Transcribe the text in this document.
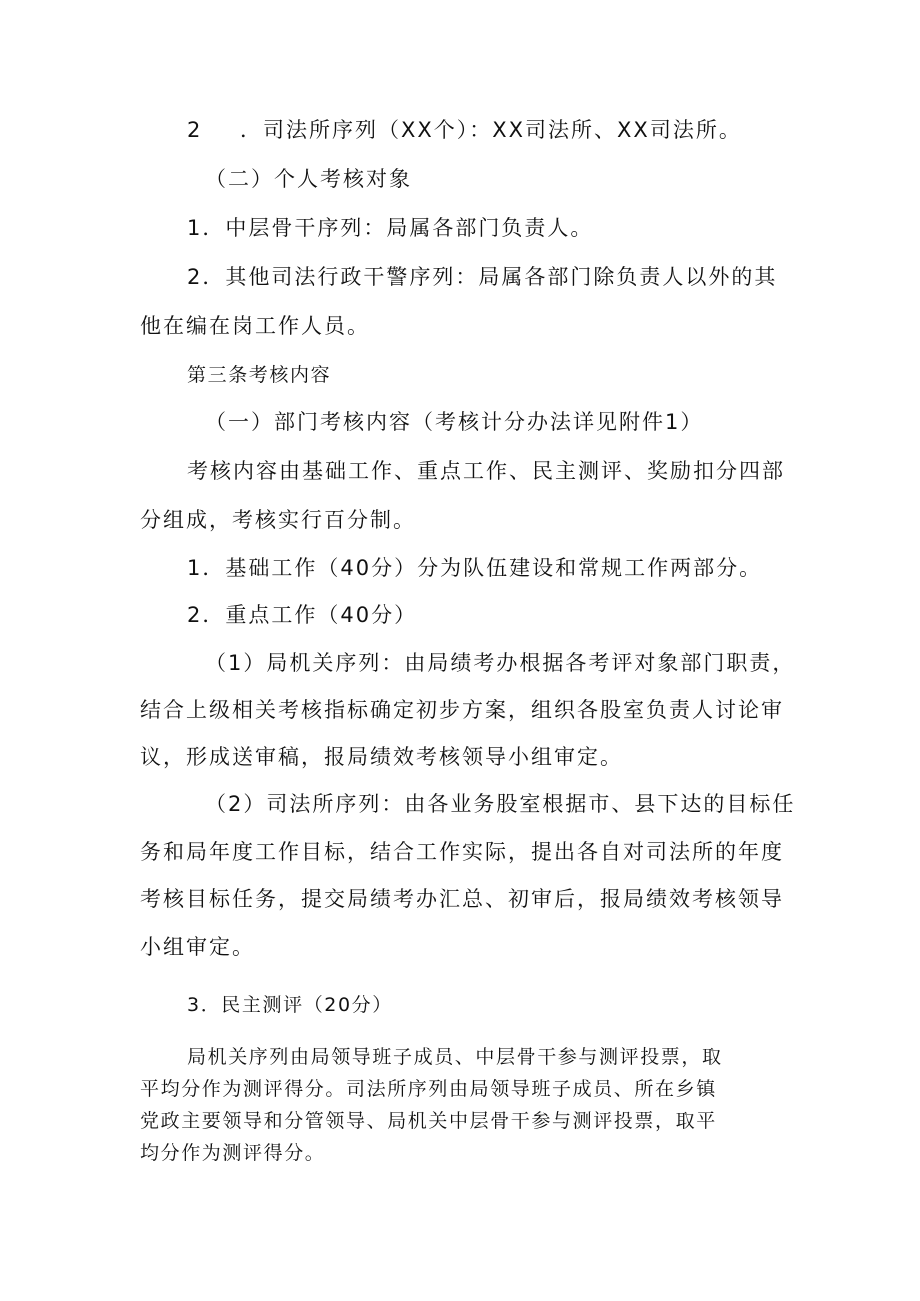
2 ．司法所序列（XX个）：XX司法所、XX司法所。
（二）个人考核对象
1．中层骨干序列：局属各部门负责人。
2．其他司法行政干警序列：局属各部门除负责人以外的其
他在编在岗工作人员。
第三条考核内容
（一）部门考核内容（考核计分办法详见附件1）
考核内容由基础工作、重点工作、民主测评、奖励扣分四部
分组成，考核实行百分制。
1．基础工作（40分）分为队伍建设和常规工作两部分。
2．重点工作（40分）
（1）局机关序列：由局绩考办根据各考评对象部门职责，
结合上级相关考核指标确定初步方案，组织各股室负责人讨论审
议，形成送审稿，报局绩效考核领导小组审定。
（2）司法所序列：由各业务股室根据市、县下达的目标任
务和局年度工作目标，结合工作实际，提出各自对司法所的年度
考核目标任务，提交局绩考办汇总、初审后，报局绩效考核领导
小组审定。
3．民主测评（20分）
局机关序列由局领导班子成员、中层骨干参与测评投票，取
平均分作为测评得分。司法所序列由局领导班子成员、所在乡镇
党政主要领导和分管领导、局机关中层骨干参与测评投票，取平
均分作为测评得分。
